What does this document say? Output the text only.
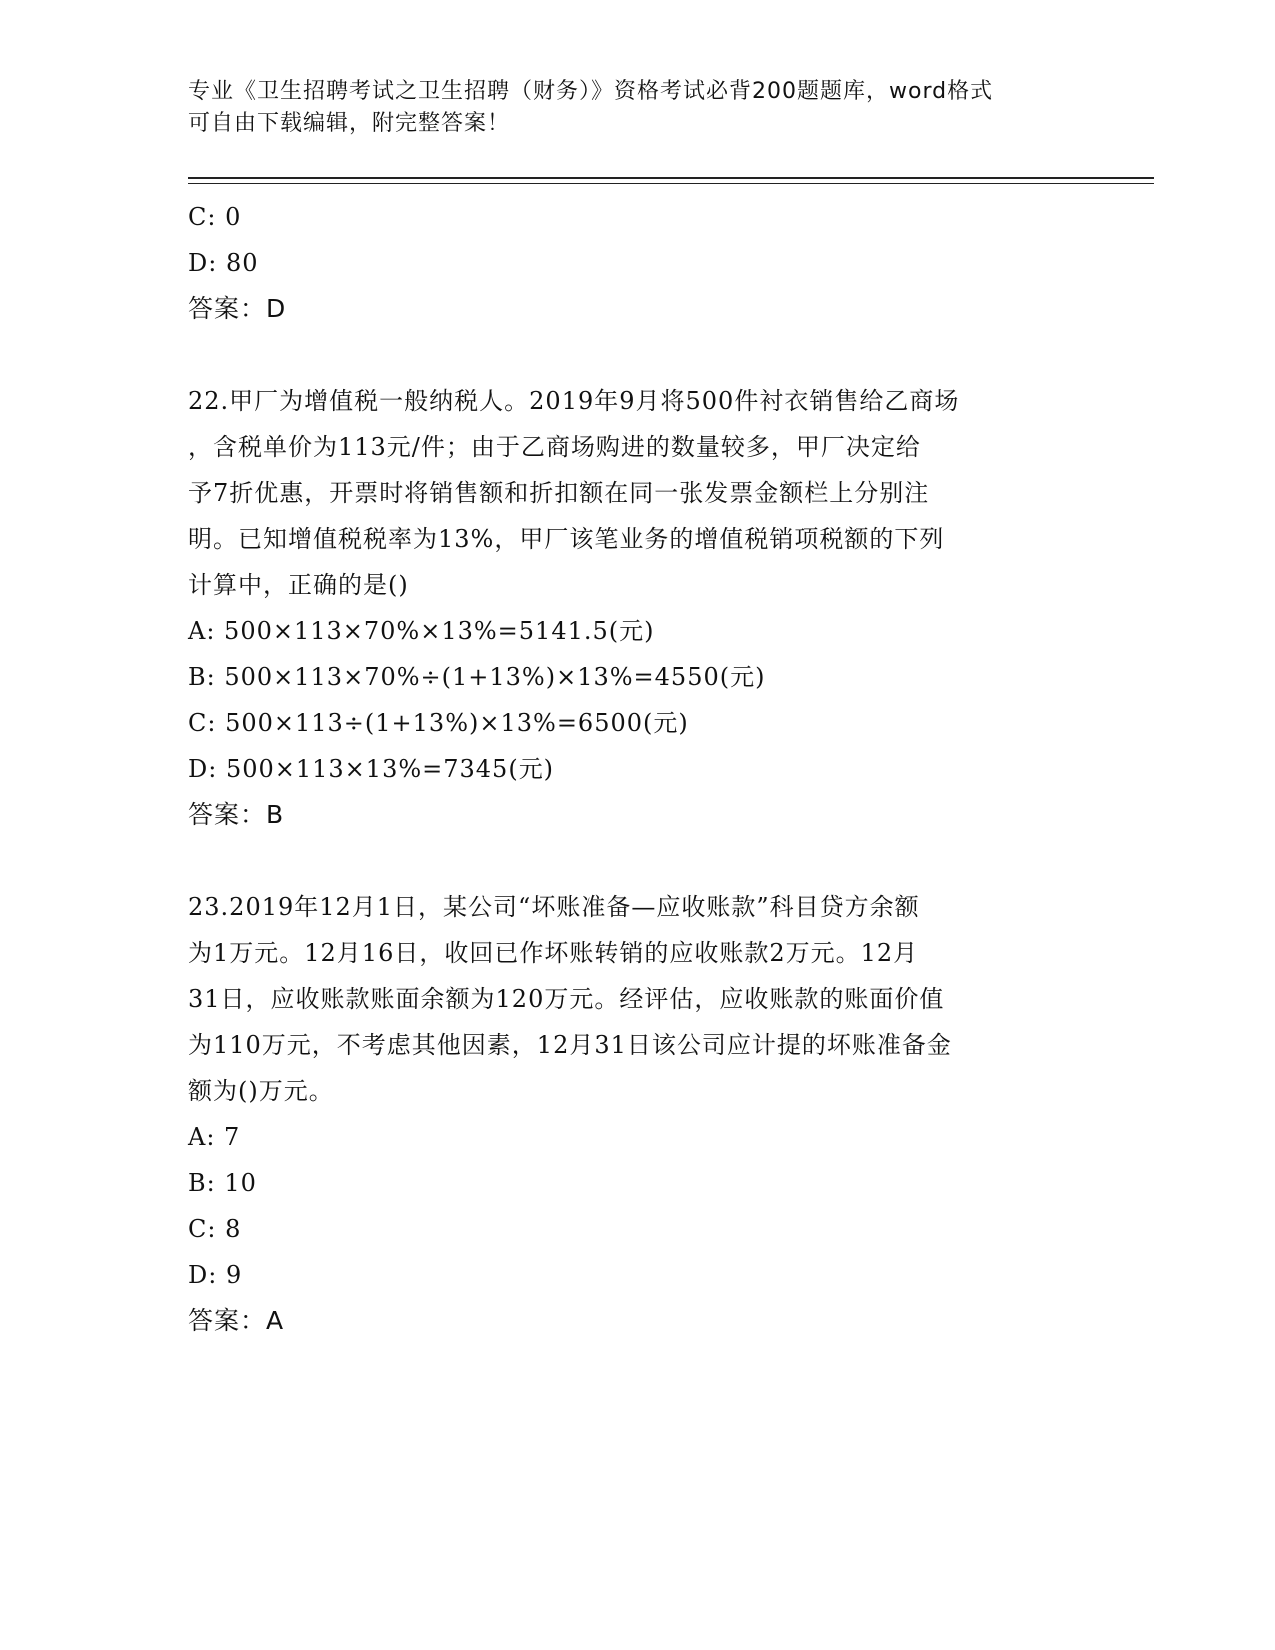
专业《卫生招聘考试之卫生招聘（财务）》资格考试必背200题题库，word格式
可自由下载编辑，附完整答案！
C: 0
D: 80
答案：D
22.甲厂为增值税一般纳税人。2019年9月将500件衬衣销售给乙商场
，含税单价为113元/件；由于乙商场购进的数量较多，甲厂决定给
予7折优惠，开票时将销售额和折扣额在同一张发票金额栏上分别注
明。已知增值税税率为13%，甲厂该笔业务的增值税销项税额的下列
计算中，正确的是()
A: 500×113×70%×13%=5141.5(元)
B: 500×113×70%÷(1+13%)×13%=4550(元)
C: 500×113÷(1+13%)×13%=6500(元)
D: 500×113×13%=7345(元)
答案：B
23.2019年12月1日，某公司“坏账准备—应收账款”科目贷方余额
为1万元。12月16日，收回已作坏账转销的应收账款2万元。12月
31日，应收账款账面余额为120万元。经评估，应收账款的账面价值
为110万元，不考虑其他因素，12月31日该公司应计提的坏账准备金
额为()万元。
A: 7
B: 10
C: 8
D: 9
答案：A
